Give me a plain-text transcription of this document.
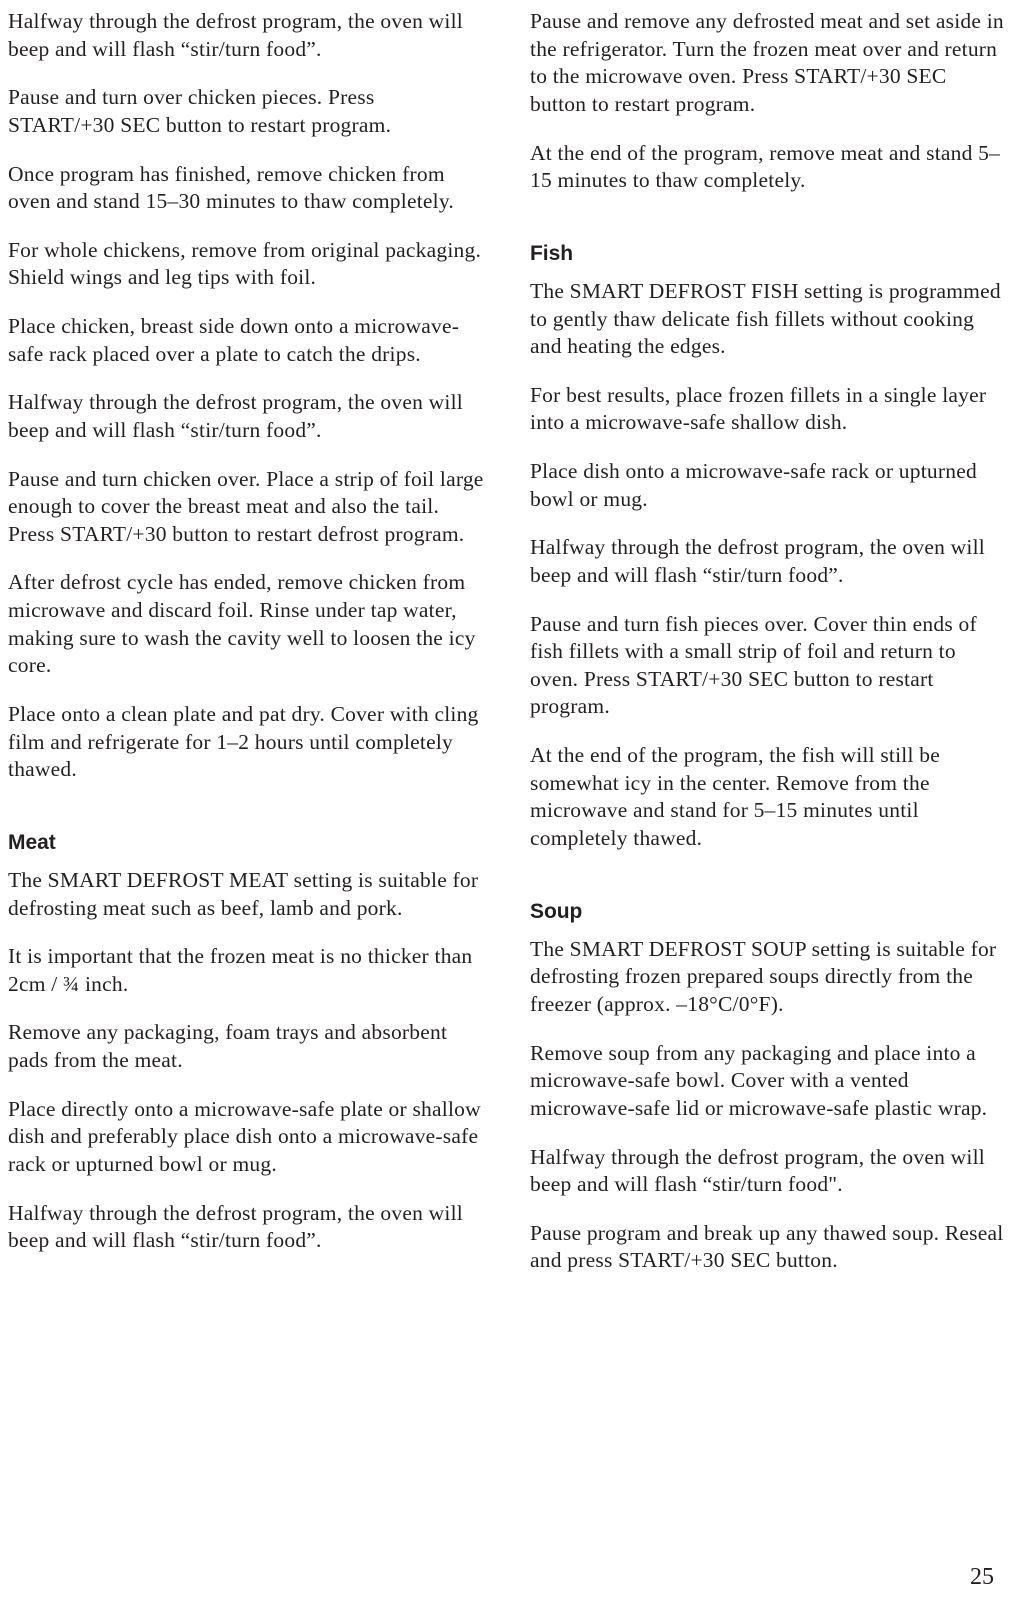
Halfway through the defrost program, the oven will beep and will flash “stir/turn food”.

Pause and turn over chicken pieces. Press START/+30 SEC button to restart program.

Once program has finished, remove chicken from oven and stand 15–30 minutes to thaw completely.

For whole chickens, remove from original packaging. Shield wings and leg tips with foil.

Place chicken, breast side down onto a microwave-safe rack placed over a plate to catch the drips.

Halfway through the defrost program, the oven will beep and will flash “stir/turn food”.

Pause and turn chicken over. Place a strip of foil large enough to cover the breast meat and also the tail. Press START/+30 button to restart defrost program.

After defrost cycle has ended, remove chicken from microwave and discard foil. Rinse under tap water, making sure to wash the cavity well to loosen the icy core.

Place onto a clean plate and pat dry. Cover with cling film and refrigerate for 1–2 hours until completely thawed.

Meat

The SMART DEFROST MEAT setting is suitable for defrosting meat such as beef, lamb and pork.

It is important that the frozen meat is no thicker than 2cm / ¾ inch.

Remove any packaging, foam trays and absorbent pads from the meat.

Place directly onto a microwave-safe plate or shallow dish and preferably place dish onto a microwave-safe rack or upturned bowl or mug.

Halfway through the defrost program, the oven will beep and will flash “stir/turn food”.

Pause and remove any defrosted meat and set aside in the refrigerator. Turn the frozen meat over and return to the microwave oven. Press START/+30 SEC button to restart program.

At the end of the program, remove meat and stand 5–15 minutes to thaw completely.

Fish

The SMART DEFROST FISH setting is programmed to gently thaw delicate fish fillets without cooking and heating the edges.

For best results, place frozen fillets in a single layer into a microwave-safe shallow dish.

Place dish onto a microwave-safe rack or upturned bowl or mug.

Halfway through the defrost program, the oven will beep and will flash “stir/turn food”.

Pause and turn fish pieces over. Cover thin ends of fish fillets with a small strip of foil and return to oven. Press START/+30 SEC button to restart program.

At the end of the program, the fish will still be somewhat icy in the center. Remove from the microwave and stand for 5–15 minutes until completely thawed.

Soup

The SMART DEFROST SOUP setting is suitable for defrosting frozen prepared soups directly from the freezer (approx. –18°C/0°F).

Remove soup from any packaging and place into a microwave-safe bowl. Cover with a vented microwave-safe lid or microwave-safe plastic wrap.

Halfway through the defrost program, the oven will beep and will flash “stir/turn food".

Pause program and break up any thawed soup. Reseal and press START/+30 SEC button.

25
